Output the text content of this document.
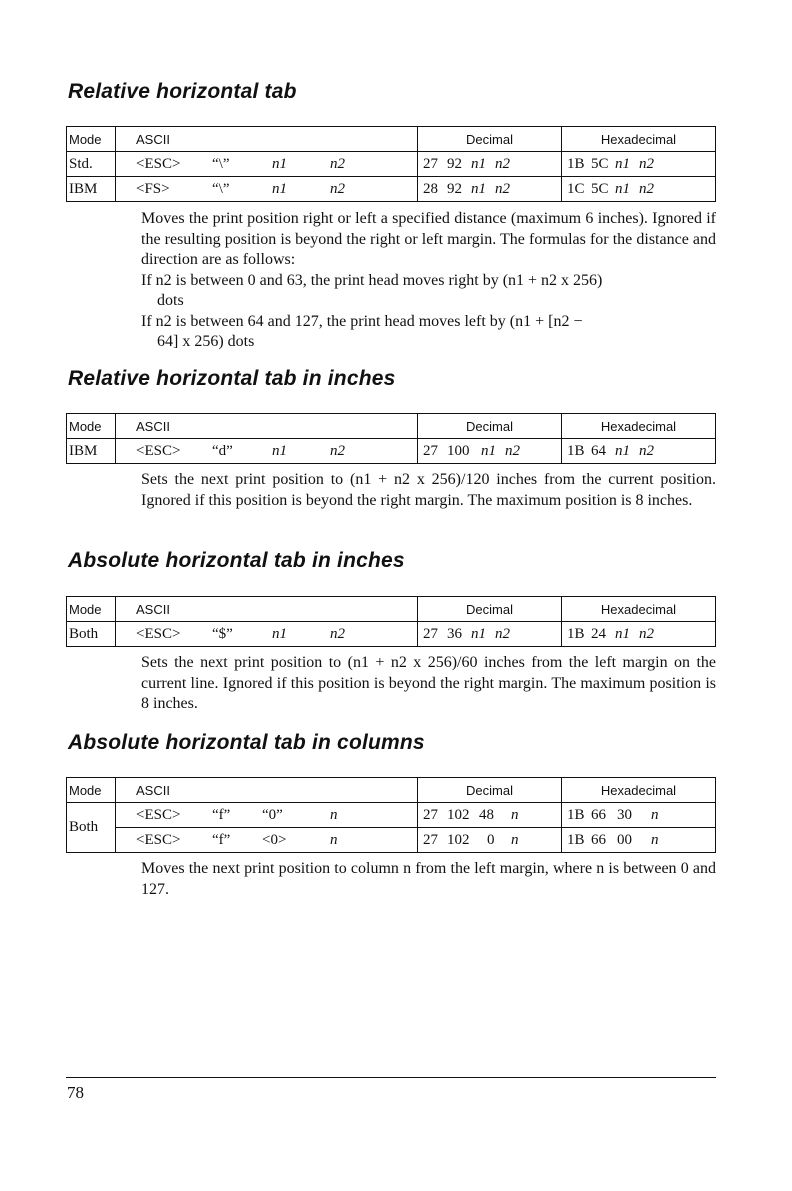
Relative horizontal tab
Mode	ASCII	Decimal	Hexadecimal
Std.	<ESC> “\” n1 n2	27 92 n1 n2	1B 5C n1 n2
IBM	<FS> “\” n1 n2	28 92 n1 n2	1C 5C n1 n2

Moves the print position right or left a specified distance (maximum 6 inches). Ignored if the resulting position is beyond the right or left margin. The formulas for the distance and direction are as follows:

If n2 is between 0 and 63, the print head moves right by (n1 + n2 x 256)

dots

If n2 is between 64 and 127, the print head moves left by (n1 + [n2 −

64] x 256) dots

Relative horizontal tab in inches
Mode	ASCII	Decimal	Hexadecimal
IBM	<ESC> “d” n1 n2	27 100 n1 n2	1B 64 n1 n2

Sets the next print position to (n1 + n2 x 256)/120 inches from the current position. Ignored if this position is beyond the right margin. The maximum position is 8 inches.

Absolute horizontal tab in inches
Mode	ASCII	Decimal	Hexadecimal
Both	<ESC> “$” n1 n2	27 36 n1 n2	1B 24 n1 n2

Sets the next print position to (n1 + n2 x 256)/60 inches from the left margin on the current line. Ignored if this position is beyond the right margin. The maximum position is 8 inches.

Absolute horizontal tab in columns
Mode	ASCII	Decimal	Hexadecimal
Both	<ESC> “f” “0” n	27 102 48 n	1B 66 30 n
	<ESC> “f” <0> n	27 102 0 n	1B 66 00 n

Moves the next print position to column n from the left margin, where n is between 0 and 127.

78
